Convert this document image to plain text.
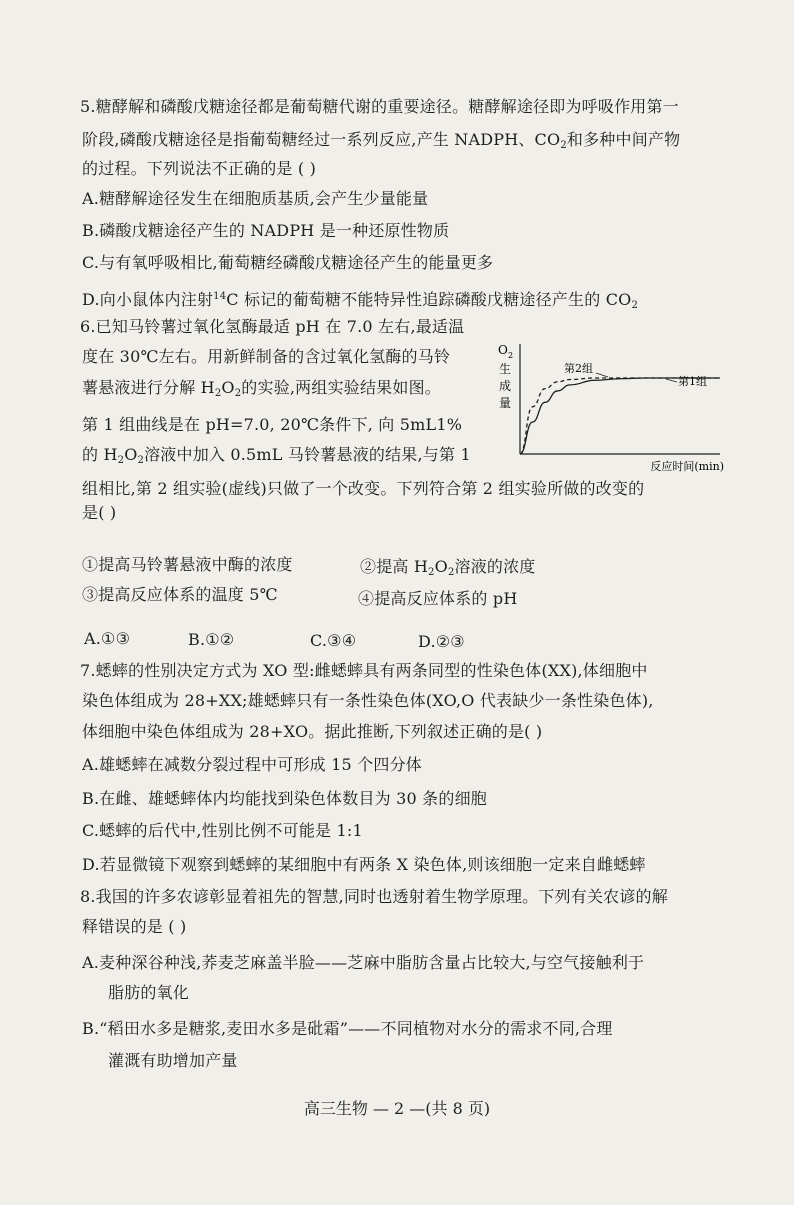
5.糖酵解和磷酸戊糖途径都是葡萄糖代谢的重要途径。糖酵解途径即为呼吸作用第一
阶段,磷酸戊糖途径是指葡萄糖经过一系列反应,产生 NADPH、$CO_2$和多种中间产物
的过程。下列说法不正确的是 ( )
A.糖酵解途径发生在细胞质基质,会产生少量能量
B.磷酸戊糖途径产生的 NADPH 是一种还原性物质
C.与有氧呼吸相比,葡萄糖经磷酸戊糖途径产生的能量更多
D.向小鼠体内注射$^{14}$C 标记的葡萄糖不能特异性追踪磷酸戊糖途径产生的 $CO_2$
6.已知马铃薯过氧化氢酶最适 pH 在 7.0 左右,最适温
度在 30℃左右。用新鲜制备的含过氧化氢酶的马铃
薯悬液进行分解 $H_2O_2$的实验,两组实验结果如图。
第 1 组曲线是在 pH=7.0, 20℃条件下, 向 5mL1%
的 $H_2O_2$溶液中加入 0.5mL 马铃薯悬液的结果,与第 1
组相比,第 2 组实验(虚线)只做了一个改变。下列符合第 2 组实验所做的改变的
是( )
O 2
生
成
量
反应时间(min)
第2组
第1组
①提高马铃薯悬液中酶的浓度	②提高 $H_2O_2$溶液的浓度
③提高反应体系的温度 5℃	④提高反应体系的 pH
A.①③	B.①②	C.③④	D.②③
7.蟋蟀的性别决定方式为 XO 型:雌蟋蟀具有两条同型的性染色体(XX),体细胞中
染色体组成为 28+XX;雄蟋蟀只有一条性染色体(XO,O 代表缺少一条性染色体),
体细胞中染色体组成为 28+XO。据此推断,下列叙述正确的是( )
A.雄蟋蟀在减数分裂过程中可形成 15 个四分体
B.在雌、雄蟋蟀体内均能找到染色体数目为 30 条的细胞
C.蟋蟀的后代中,性别比例不可能是 1:1
D.若显微镜下观察到蟋蟀的某细胞中有两条 X 染色体,则该细胞一定来自雌蟋蟀
8.我国的许多农谚彰显着祖先的智慧,同时也透射着生物学原理。下列有关农谚的解
释错误的是 ( )
A.麦种深谷种浅,荞麦芝麻盖半脸——芝麻中脂肪含量占比较大,与空气接触利于
脂肪的氧化
B.“稻田水多是糖浆,麦田水多是砒霜”——不同植物对水分的需求不同,合理
灌溉有助增加产量
高三生物 — 2 —(共 8 页)
